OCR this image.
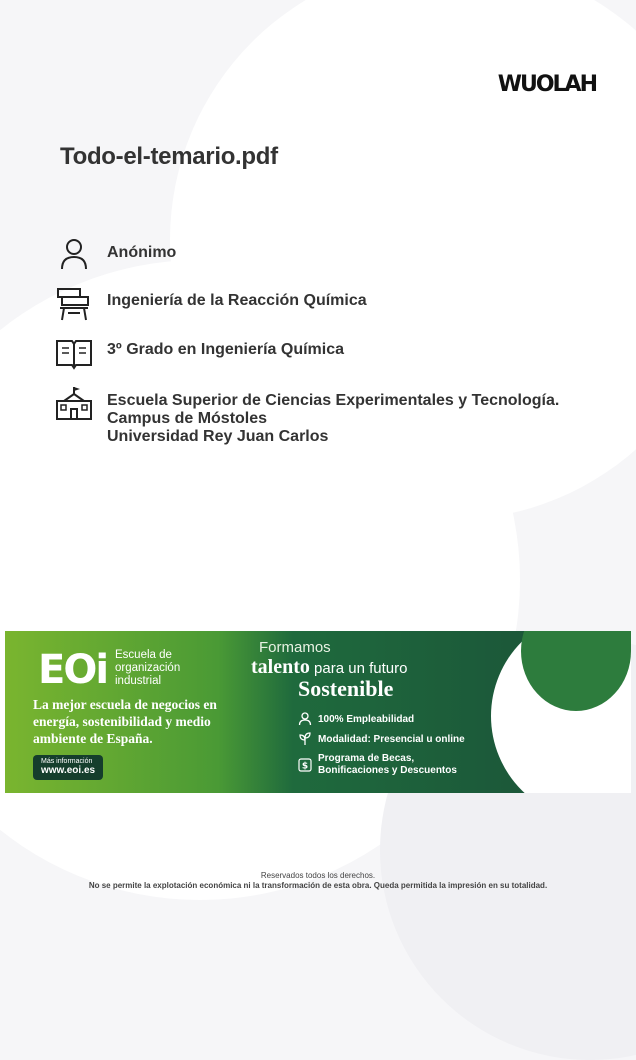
WUOLAH
Todo-el-temario.pdf
Anónimo
Ingeniería de la Reacción Química
3º Grado en Ingeniería Química
Escuela Superior de Ciencias Experimentales y Tecnología.
Campus de Móstoles
Universidad Rey Juan Carlos
EOi Escuela de organización industrial
La mejor escuela de negocios en energía, sostenibilidad y medio ambiente de España.
Más información
www.eoi.es
Formamos
talento para un futuro
Sostenible
100% Empleabilidad
Modalidad: Presencial u online
$
Programa de Becas,
Bonificaciones y Descuentos
Reservados todos los derechos.
No se permite la explotación económica ni la transformación de esta obra. Queda permitida la impresión en su totalidad.
